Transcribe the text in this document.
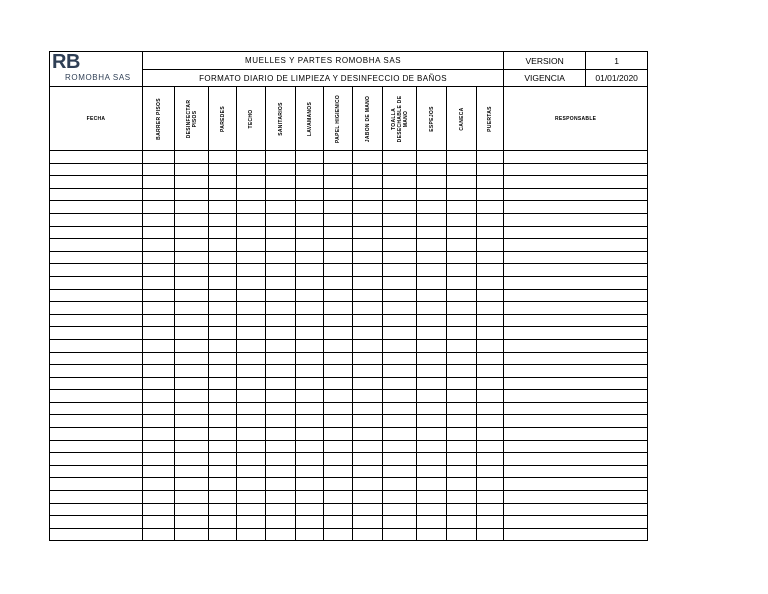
RB
ROMOBHA SAS	MUELLES Y PARTES ROMOBHA SAS												VERSION	1
	FORMATO DIARIO DE LIMPIEZA Y DESINFECCIO DE BAÑOS												VIGENCIA	01/01/2020
FECHA	BARRER PISOS	DESINFECTAR PISOS	PAREDES	TECHO	SANITARIOS	LAVAMANOS	PAPEL HIGIENICO	JABON DE MANO	TOALLA DESECHABLE DE MANO	ESPEJOS	CANECA	PUERTAS	RESPONSABLE	
